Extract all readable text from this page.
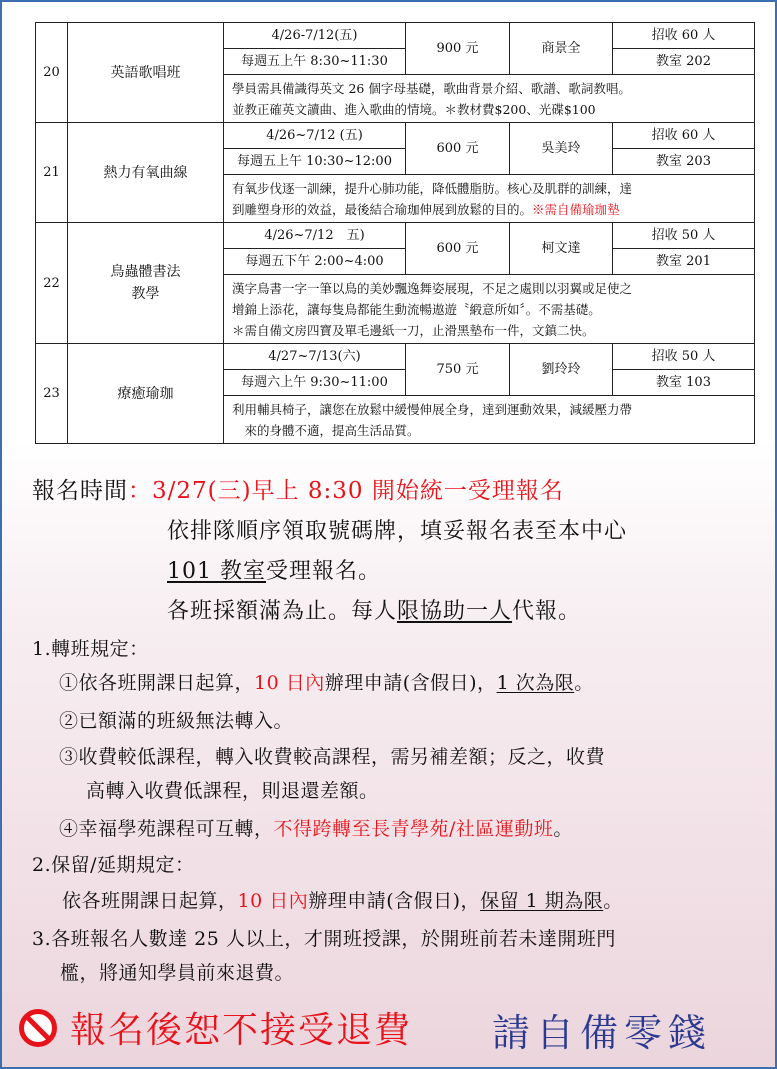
20	英語歌唱班	4/26-7/12(五)	900 元	商景全	招收 60 人
		每週五上午 8:30~11:30			教室 202

		學員需具備識得英文 26 個字母基礎，歌曲背景介紹、歌譜、歌詞教唱。
並教正確英文讀曲、進入歌曲的情境。＊教材費$200、光碟$100			

21	熱力有氧曲線	4/26~7/12 (五)	600 元	吳美玲	招收 60 人
		每週五上午 10:30~12:00			教室 203

		有氧步伐逐一訓練，提升心肺功能，降低體脂肪。核心及肌群的訓練，達
到雕塑身形的效益，最後結合瑜珈伸展到放鬆的目的。※需自備瑜珈墊			

22	鳥蟲體書法
教學	4/26~7/12　五)	600 元	柯文達	招收 50 人
		每週五下午 2:00~4:00			教室 201

		漢字鳥書一字一筆以鳥的美妙飄逸舞姿展現，不足之處則以羽翼或足使之
增錦上添花，讓每隻鳥都能生動流暢遨遊〝緞意所如〞。不需基礎。
＊需自備文房四寶及單毛邊紙一刀，止滑黑墊布一件，文鎮二快。			

23	療癒瑜珈	4/27~7/13(六)	750 元	劉玲玲	招收 50 人
		每週六上午 9:30~11:00			教室 103

		利用輔具椅子，讓您在放鬆中緩慢伸展全身，達到運動效果，減緩壓力帶
　來的身體不適，提高生活品質。			
報名時間：3/27(三)早上 8:30 開始統一受理報名
依排隊順序領取號碼牌，填妥報名表至本中心
101 教室受理報名。
各班採額滿為止。每人限協助一人代報。
1.轉班規定：
①依各班開課日起算，10 日內辦理申請(含假日)，1 次為限。
②已額滿的班級無法轉入。
③收費較低課程，轉入收費較高課程，需另補差額；反之，收費
高轉入收費低課程，則退還差額。
④幸福學苑課程可互轉，不得跨轉至長青學苑/社區運動班。
2.保留/延期規定：
依各班開課日起算，10 日內辦理申請(含假日)，保留 1 期為限。
3.各班報名人數達 25 人以上，才開班授課，於開班前若未達開班門
檻，將通知學員前來退費。
報名後恕不接受退費 請自備零錢
